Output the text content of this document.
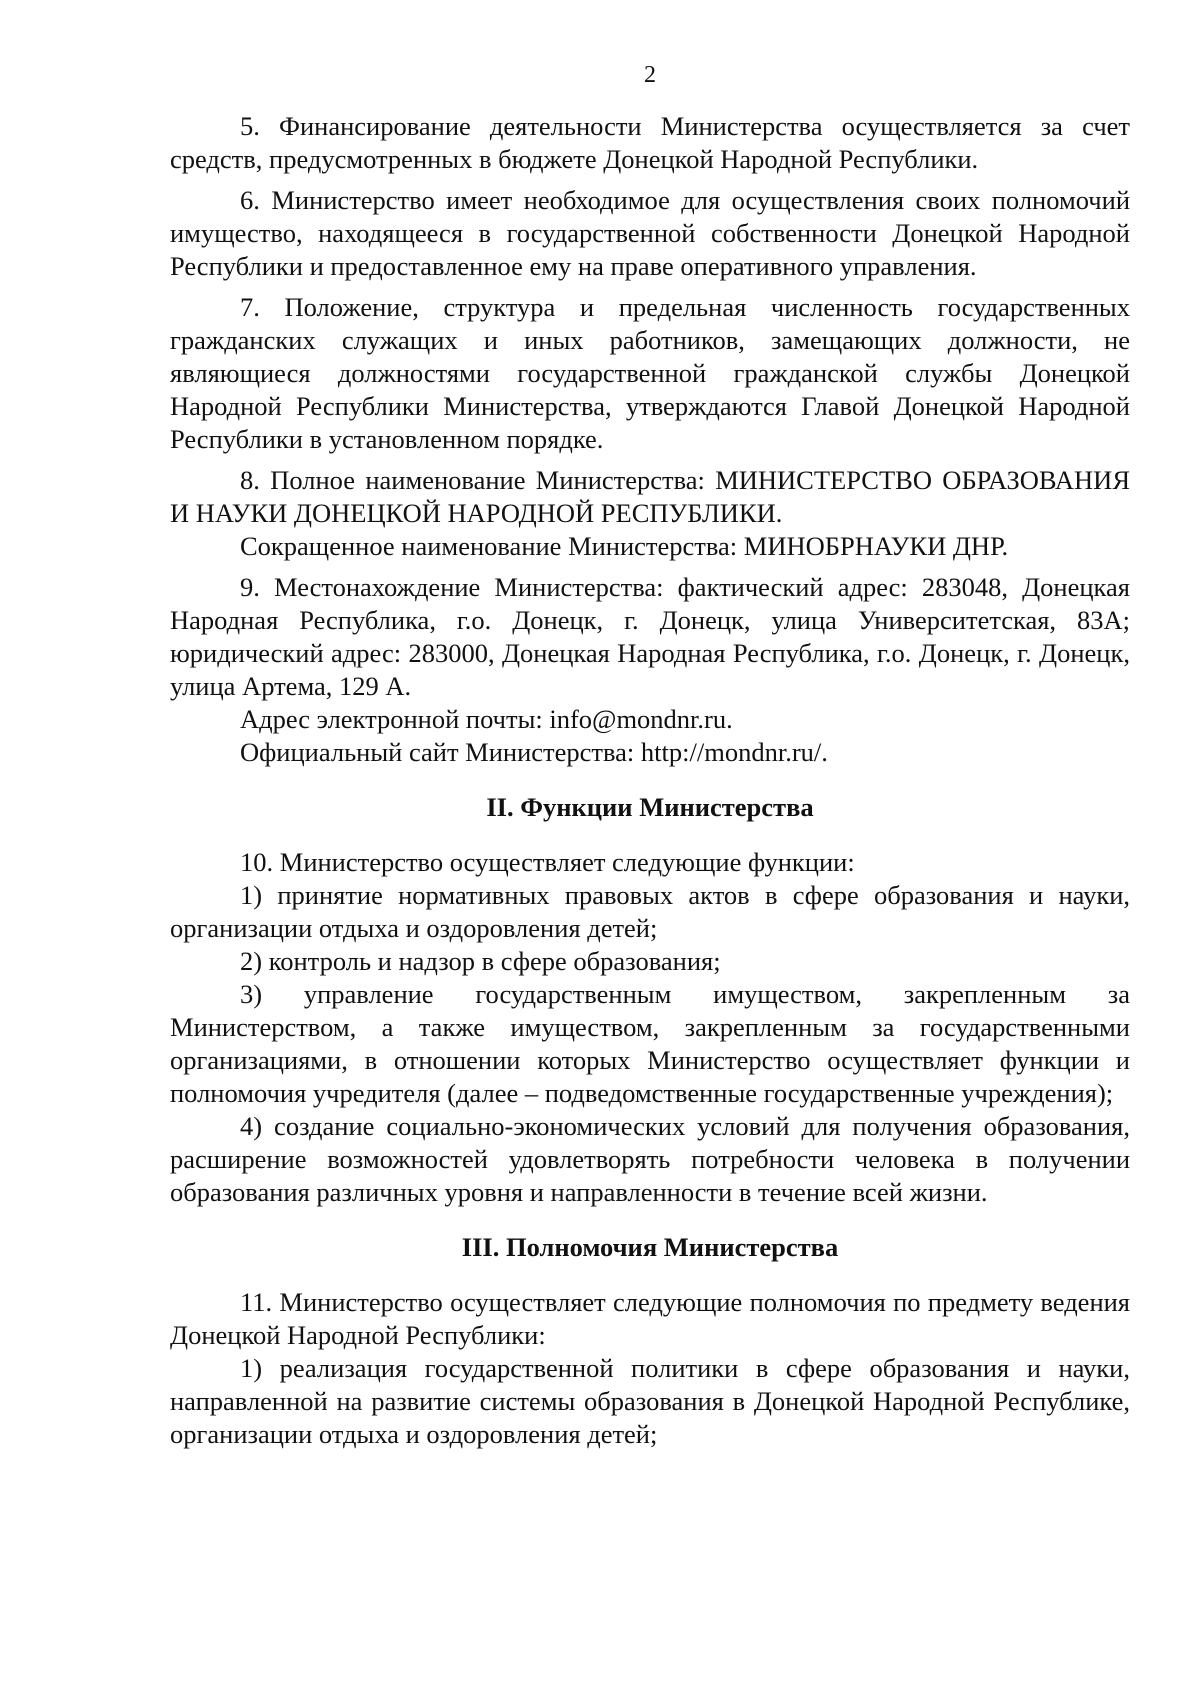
2

5. Финансирование деятельности Министерства осуществляется за счет средств, предусмотренных в бюджете Донецкой Народной Республики.

6. Министерство имеет необходимое для осуществления своих полномочий имущество, находящееся в государственной собственности Донецкой Народной Республики и предоставленное ему на праве оперативного управления.

7. Положение, структура и предельная численность государственных гражданских служащих и иных работников, замещающих должности, не являющиеся должностями государственной гражданской службы Донецкой Народной Республики Министерства, утверждаются Главой Донецкой Народной Республики в установленном порядке.

8. Полное наименование Министерства: МИНИСТЕРСТВО ОБРАЗОВАНИЯ И НАУКИ ДОНЕЦКОЙ НАРОДНОЙ РЕСПУБЛИКИ.

Сокращенное наименование Министерства: МИНОБРНАУКИ ДНР.

9. Местонахождение Министерства: фактический адрес: 283048, Донецкая Народная Республика, г.о. Донецк, г. Донецк, улица Университетская, 83А; юридический адрес: 283000, Донецкая Народная Республика, г.о. Донецк, г. Донецк, улица Артема, 129 А.

Адрес электронной почты: info@mondnr.ru.

Официальный сайт Министерства: http://mondnr.ru/.

II. Функции Министерства

10. Министерство осуществляет следующие функции:

1) принятие нормативных правовых актов в сфере образования и науки, организации отдыха и оздоровления детей;

2) контроль и надзор в сфере образования;

3) управление государственным имуществом, закрепленным за Министерством, а также имуществом, закрепленным за государственными организациями, в отношении которых Министерство осуществляет функции и полномочия учредителя (далее – подведомственные государственные учреждения);

4) создание социально-экономических условий для получения образования, расширение возможностей удовлетворять потребности человека в получении образования различных уровня и направленности в течение всей жизни.

III. Полномочия Министерства

11. Министерство осуществляет следующие полномочия по предмету ведения Донецкой Народной Республики:

1) реализация государственной политики в сфере образования и науки, направленной на развитие системы образования в Донецкой Народной Республике, организации отдыха и оздоровления детей;
